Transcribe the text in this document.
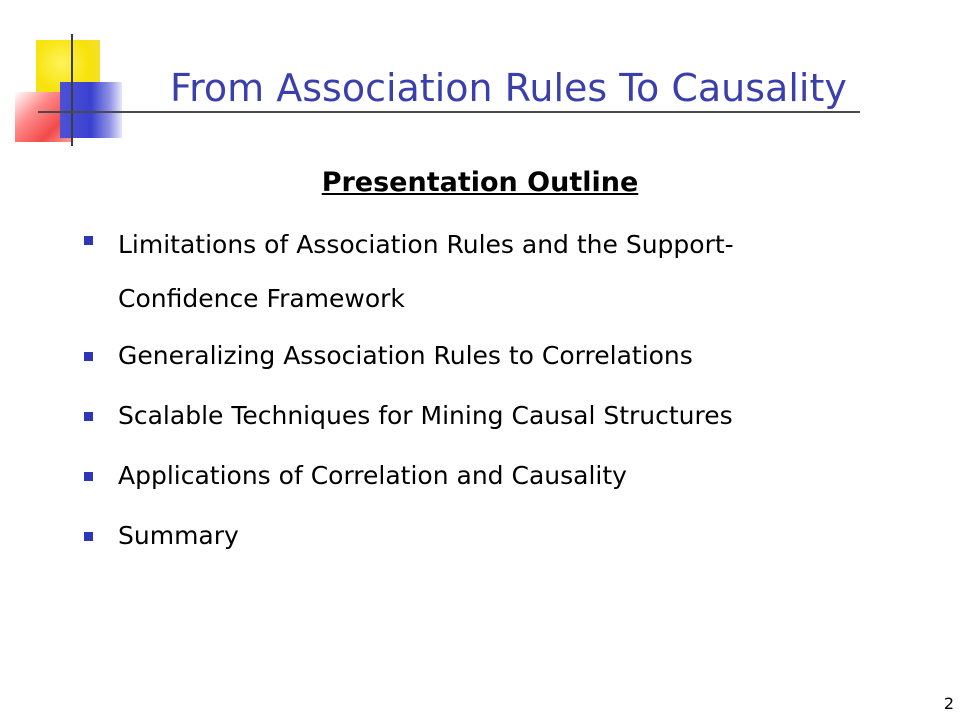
From Association Rules To Causality
Presentation Outline
Limitations of Association Rules and the Support-Confidence Framework
Generalizing Association Rules to Correlations
Scalable Techniques for Mining Causal Structures
Applications of Correlation and Causality
Summary
2
